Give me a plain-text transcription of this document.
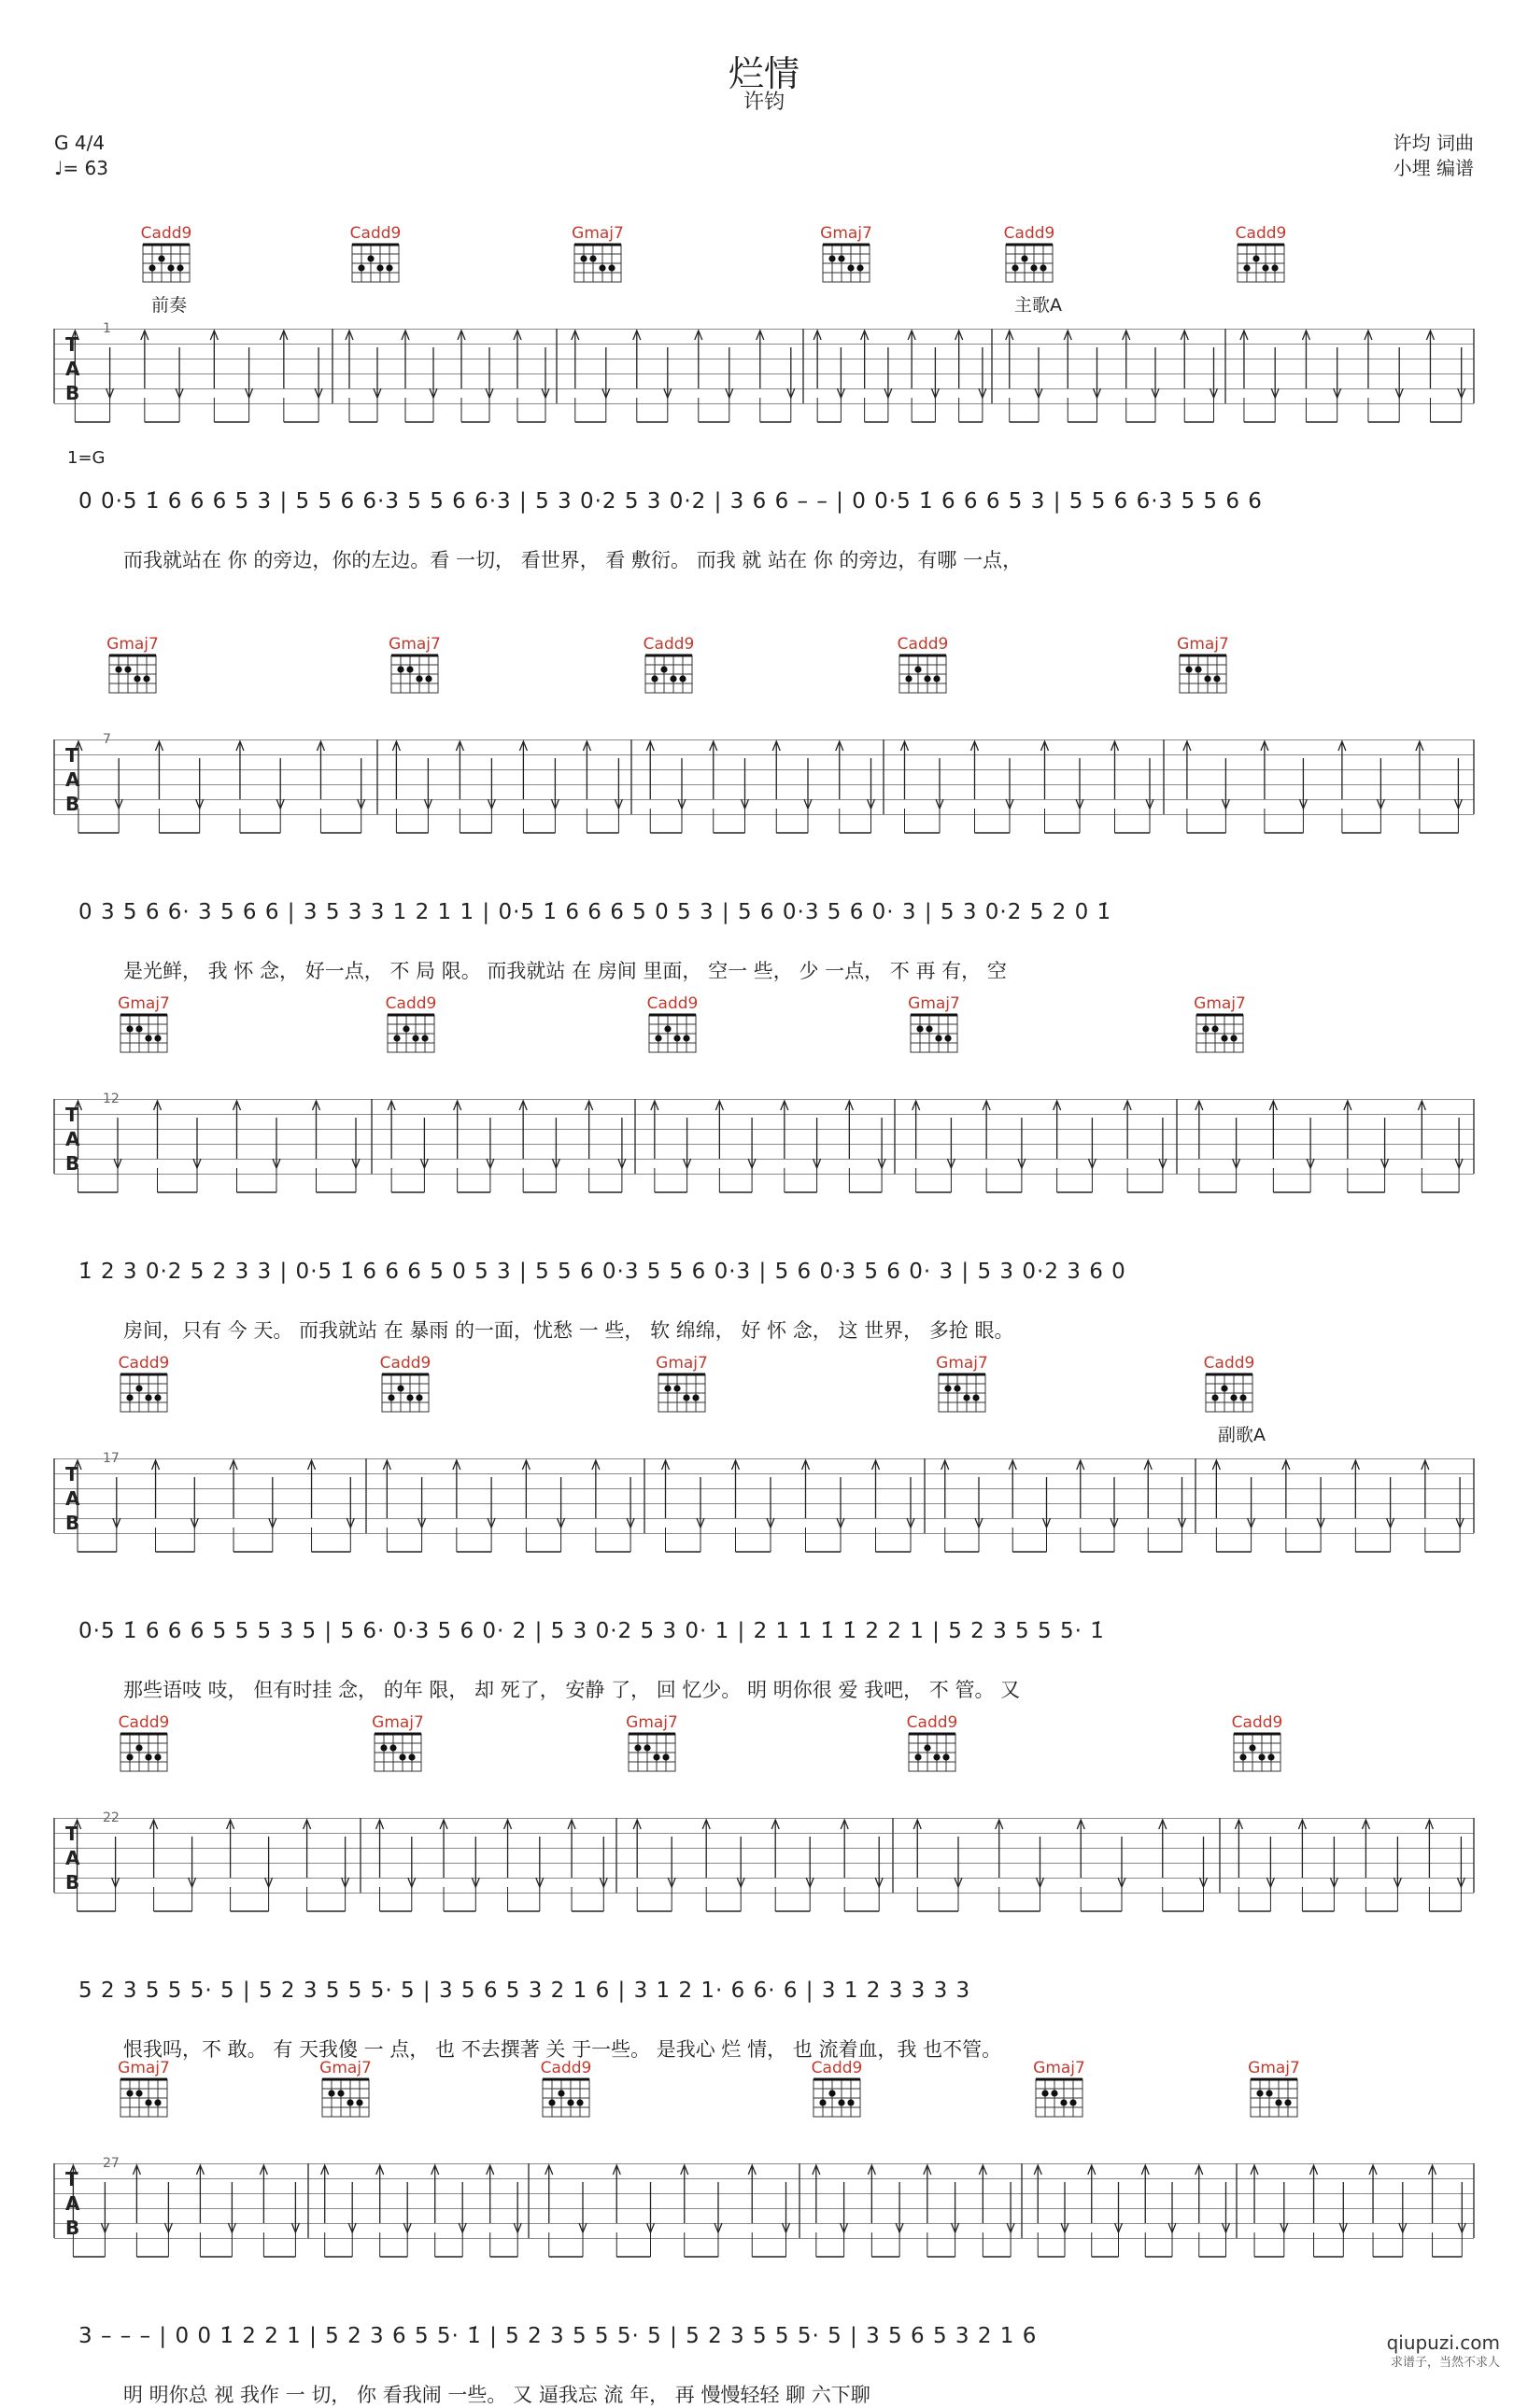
烂情
许钧
G 4/4
♩= 63
许均 词曲
小埋 编谱
1=G
Cadd9	Cadd9	Gmaj7	Gmaj7	Cadd9	Cadd9
前奏	主歌A
T
A
B
1
0 0·5 1̇ 6 6 6 5 3 | 5 5 6 6·3 5 5 6 6·3 | 5 3 0·2 5 3 0·2 | 3 6 6 – – | 0 0·5 1̇ 6 6 6 5 3 | 5 5 6 6·3 5 5 6 6
而我就站在 你 的旁边，你的左边。看 一切， 看世界， 看 敷衍。 而我 就 站在 你 的旁边，有哪 一点，
Gmaj7	Gmaj7	Cadd9	Cadd9	Gmaj7
T
A
B
7
0 3 5 6 6· 3 5 6 6 | 3 5 3 3 1 2 1 1 | 0·5 1̇ 6 6 6 5 0 5 3 | 5 6 0·3 5 6 0· 3 | 5 3 0·2 5 2 0 1̇
是光鲜， 我 怀 念， 好一点， 不 局 限。 而我就站 在 房间 里面， 空一 些， 少 一点， 不 再 有， 空
Gmaj7	Cadd9	Cadd9	Gmaj7	Gmaj7
T
A
B
12
1̇ 2 3 0·2 5 2 3 3 | 0·5 1̇ 6 6 6 5 0 5 3 | 5 5 6 0·3 5 5 6 0·3 | 5 6 0·3 5 6 0· 3 | 5 3 0·2 3 6 0
房间，只有 今 天。 而我就站 在 暴雨 的一面，忧愁 一 些， 软 绵绵， 好 怀 念， 这 世界， 多抢 眼。
Cadd9	Cadd9	Gmaj7	Gmaj7	Cadd9
副歌A
T
A
B
17
0·5 1̇ 6 6 6 5 5 5 3 5 | 5 6· 0·3 5 6 0· 2 | 5 3 0·2 5 3 0· 1 | 2 1 1 1̇ 1̇ 2 2 1 | 5 2 3 5 5 5· 1̇
那些语吱 吱， 但有时挂 念， 的年 限， 却 死了， 安静 了， 回 忆少。 明 明你很 爱 我吧， 不 管。 又
Cadd9	Gmaj7	Gmaj7	Cadd9	Cadd9
T
A
B
22
5 2 3 5 5 5· 5 | 5 2 3 5 5 5· 5 | 3 5 6 5 3 2 1 6 | 3 1 2 1· 6 6· 6 | 3 1 2 3 3 3 3
恨我吗，不 敢。 有 天我傻 一 点， 也 不去撰著 关 于一些。 是我心 烂 情， 也 流着血，我 也不管。
Gmaj7	Gmaj7	Cadd9	Cadd9	Gmaj7	Gmaj7
T
A
B
27
3 – – – | 0 0 1̇ 2 2 1 | 5 2 3 6 5 5· 1̇ | 5 2 3 5 5 5· 5 | 5 2 3 5 5 5· 5 | 3 5 6 5 3 2 1 6
明 明你总 视 我作 一 切， 你 看我闹 一些。 又 逼我忘 流 年， 再 慢慢轻轻 聊 六下聊
qiupuzi.com
求谱子，当然不求人
